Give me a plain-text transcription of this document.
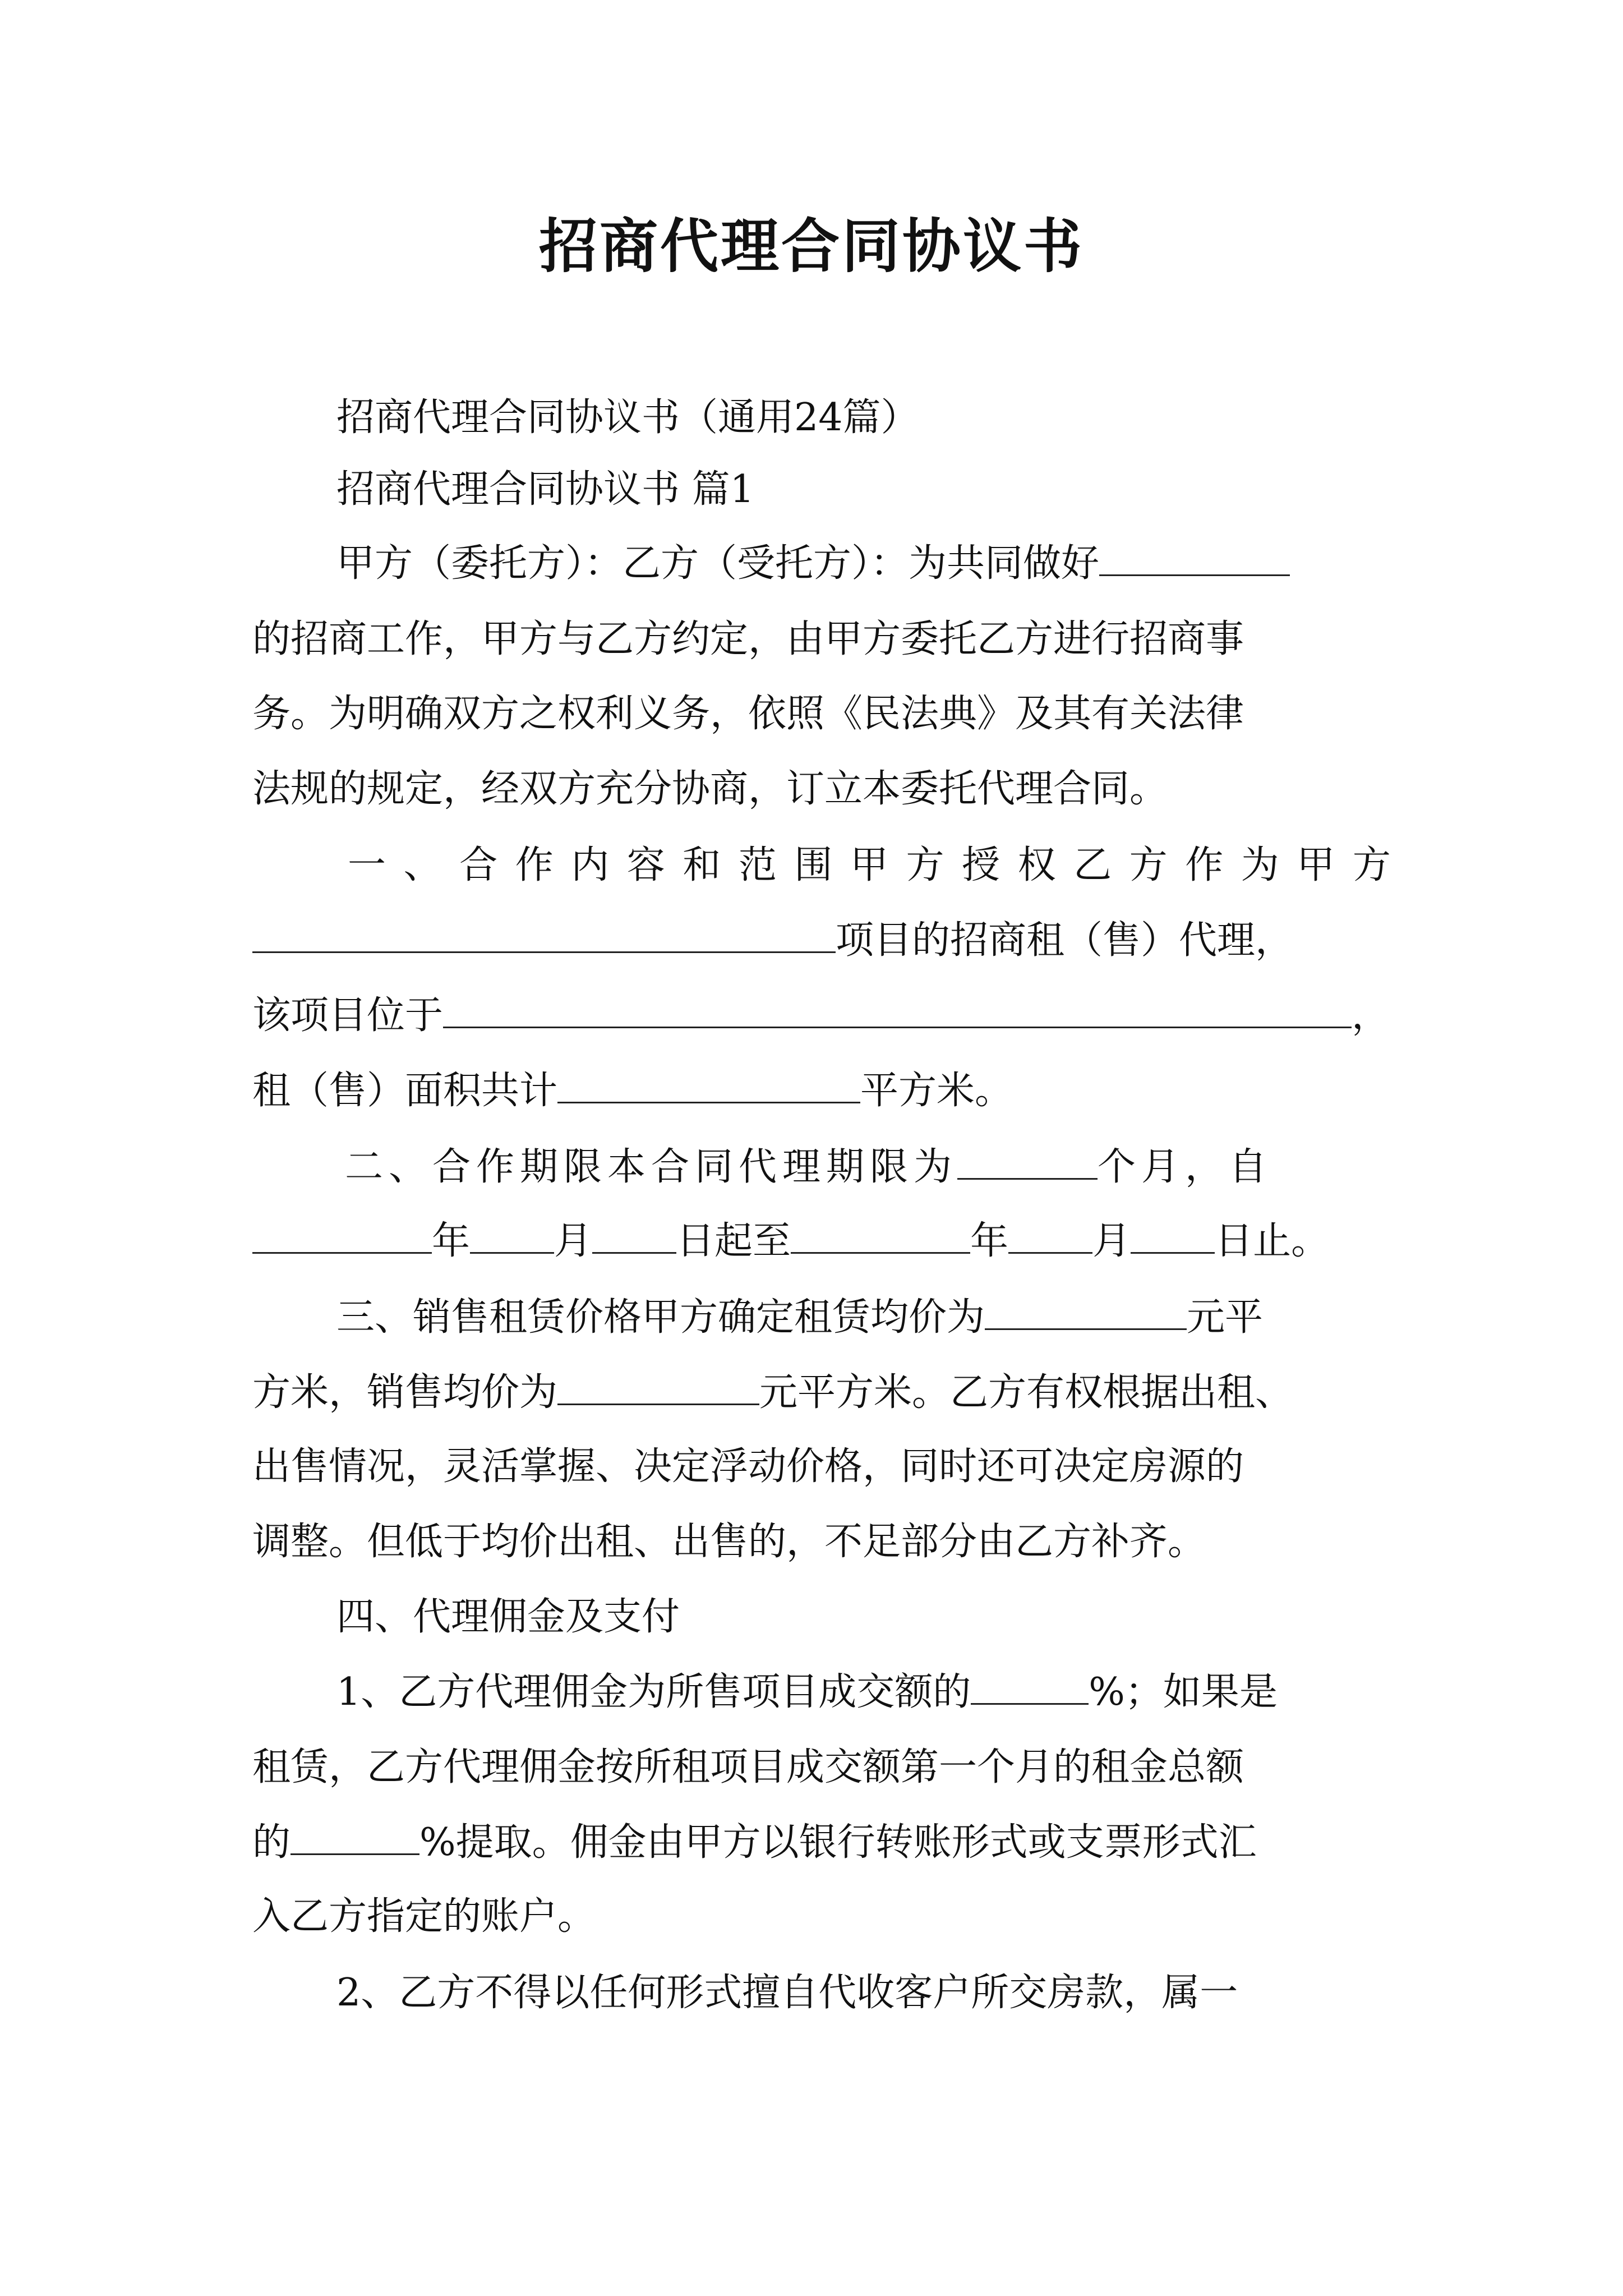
招商代理合同协议书
招商代理合同协议书（通用24篇）
招商代理合同协议书 篇1
甲方（委托方）：乙方（受托方）：为共同做好
的招商工作，甲方与乙方约定，由甲方委托乙方进行招商事
务。为明确双方之权利义务，依照《民法典》及其有关法律
法规的规定，经双方充分协商，订立本委托代理合同。
一 、 合 作 内 容 和 范 围 甲 方 授 权 乙 方 作 为 甲 方
项目的招商租（售）代理，
该项目位于	，
租（售）面积共计	平方米。
二、合作期限本合同代理期限为	个月，自
年 月 日起至	年 月 日止。
三、销售租赁价格甲方确定租赁均价为	元平
方米，销售均价为	元平方米。乙方有权根据出租、
出售情况，灵活掌握、决定浮动价格，同时还可决定房源的
调整。但低于均价出租、出售的，不足部分由乙方补齐。
四、代理佣金及支付
1、乙方代理佣金为所售项目成交额的	%；如果是
租赁，乙方代理佣金按所租项目成交额第一个月的租金总额
的	%提取。佣金由甲方以银行转账形式或支票形式汇
入乙方指定的账户。
2、乙方不得以任何形式擅自代收客户所交房款，属一
